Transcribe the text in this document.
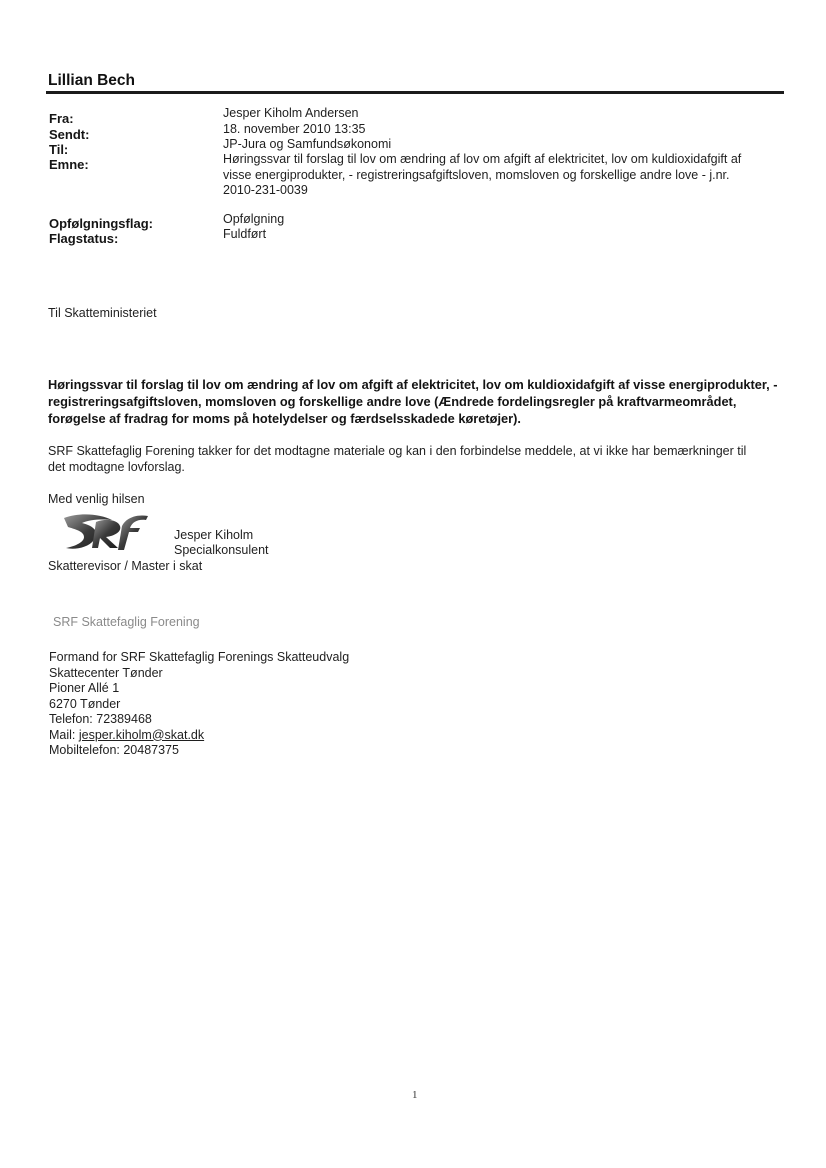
Lillian Bech
Fra:	Jesper Kiholm Andersen
Sendt:	18. november 2010 13:35
Til:	JP-Jura og Samfundsøkonomi
Emne:	Høringssvar til forslag til lov om ændring af lov om afgift af elektricitet, lov om kuldioxidafgift af visse energiprodukter, - registreringsafgiftsloven, momsloven og forskellige andre love - j.nr. 2010-231-0039
Opfølgningsflag:	Opfølgning
Flagstatus:	Fuldført
Til Skatteministeriet
Høringssvar til forslag til lov om ændring af lov om afgift af elektricitet, lov om kuldioxidafgift af visse energiprodukter, - registreringsafgiftsloven, momsloven og forskellige andre love (Ændrede fordelingsregler på kraftvarmeområdet, forøgelse af fradrag for moms på hotelydelser og færdselsskadede køretøjer).
SRF Skattefaglig Forening takker for det modtagne materiale og kan i den forbindelse meddele, at vi ikke har bemærkninger til det modtagne lovforslag.
Med venlig hilsen
Jesper Kiholm
Specialkonsulent
Skatterevisor / Master i skat
SRF Skattefaglig Forening
Formand for SRF Skattefaglig Forenings Skatteudvalg
Skattecenter Tønder
Pioner Allé 1
6270 Tønder
Telefon: 72389468
Mail: jesper.kiholm@skat.dk
Mobiltelefon: 20487375
1
